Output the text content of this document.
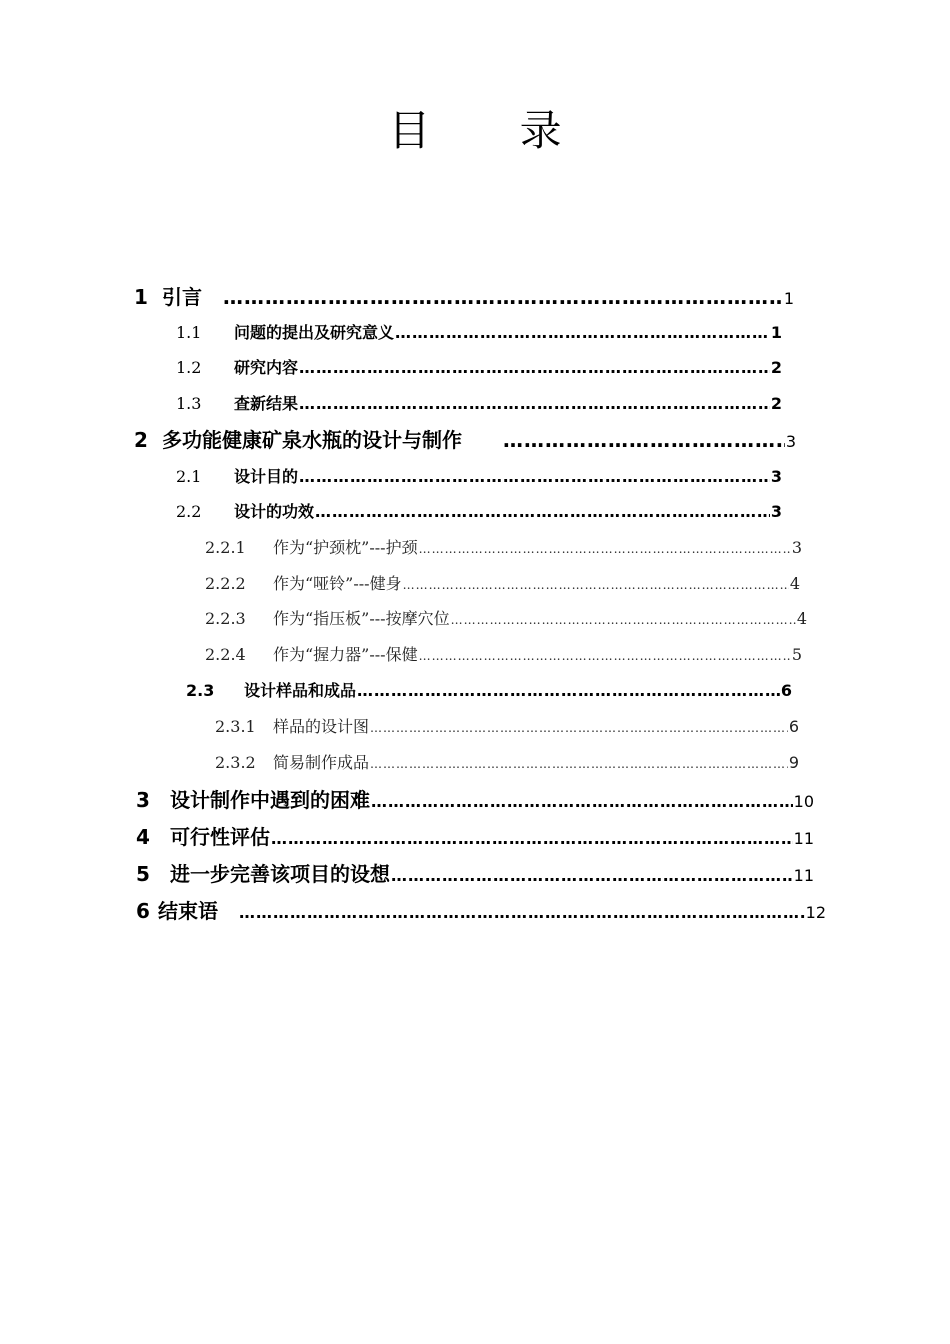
目 录
1 引言 …………………………………………………………………………………………………………………………………………………………………………………………………………………………………………	1
1.1	问题的提出及研究意义 …………………………………………………………………………………………………………………………………………………………………………………………………………………………………………	1
1.2	研究内容 …………………………………………………………………………………………………………………………………………………………………………………………………………………………………………	2
1.3	查新结果 …………………………………………………………………………………………………………………………………………………………………………………………………………………………………………	2
2 多功能健康矿泉水瓶的设计与制作 …………………………………………………………………………………………………………………………………………………………………………………………………………………………………………	3
2.1	设计目的 …………………………………………………………………………………………………………………………………………………………………………………………………………………………………………	3
2.2	设计的功效 …………………………………………………………………………………………………………………………………………………………………………………………………………………………………………	3
2.2.1	作为“护颈枕”---护颈 …………………………………………………………………………………………………………………………………………………………………………………………………………………………………………	3
2.2.2	作为“哑铃”---健身 …………………………………………………………………………………………………………………………………………………………………………………………………………………………………………	4
2.2.3	作为“指压板”---按摩穴位 …………………………………………………………………………………………………………………………………………………………………………………………………………………………………………	4
2.2.4	作为“握力器”---保健 …………………………………………………………………………………………………………………………………………………………………………………………………………………………………………	5
2.3	设计样品和成品 …………………………………………………………………………………………………………………………………………………………………………………………………………………………………………	6
2.3.1	样品的设计图 …………………………………………………………………………………………………………………………………………………………………………………………………………………………………………	6
2.3.2	简易制作成品 …………………………………………………………………………………………………………………………………………………………………………………………………………………………………………	9
3	设计制作中遇到的困难 …………………………………………………………………………………………………………………………………………………………………………………………………………………………………………	10
4	可行性评估 …………………………………………………………………………………………………………………………………………………………………………………………………………………………………………	11
5	进一步完善该项目的设想 …………………………………………………………………………………………………………………………………………………………………………………………………………………………………………	11
6 结束语 …………………………………………………………………………………………………………………………………………………………………………………………………………………………………………	12
